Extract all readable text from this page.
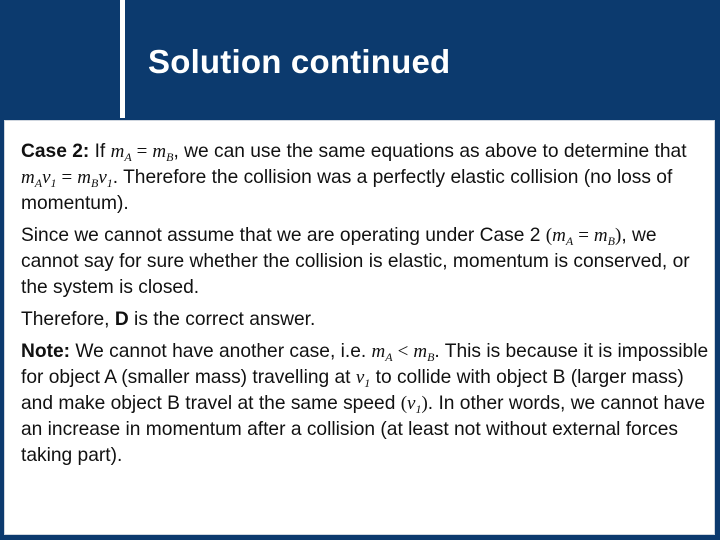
Solution continued

Case 2: If $m_A = m_B$, we can use the same equations as above to determine that $m_Av_1 = m_Bv_1$. Therefore the collision was a perfectly elastic collision (no loss of momentum).

Since we cannot assume that we are operating under Case 2 $(m_A = m_B)$, we cannot say for sure whether the collision is elastic, momentum is conserved, or the system is closed.

Therefore, D is the correct answer.

Note: We cannot have another case, i.e. $m_A < m_B$. This is because it is impossible for object A (smaller mass) travelling at $v_1$ to collide with object B (larger mass) and make object B travel at the same speed $(v_1)$. In other words, we cannot have an increase in momentum after a collision (at least not without external forces taking part).
